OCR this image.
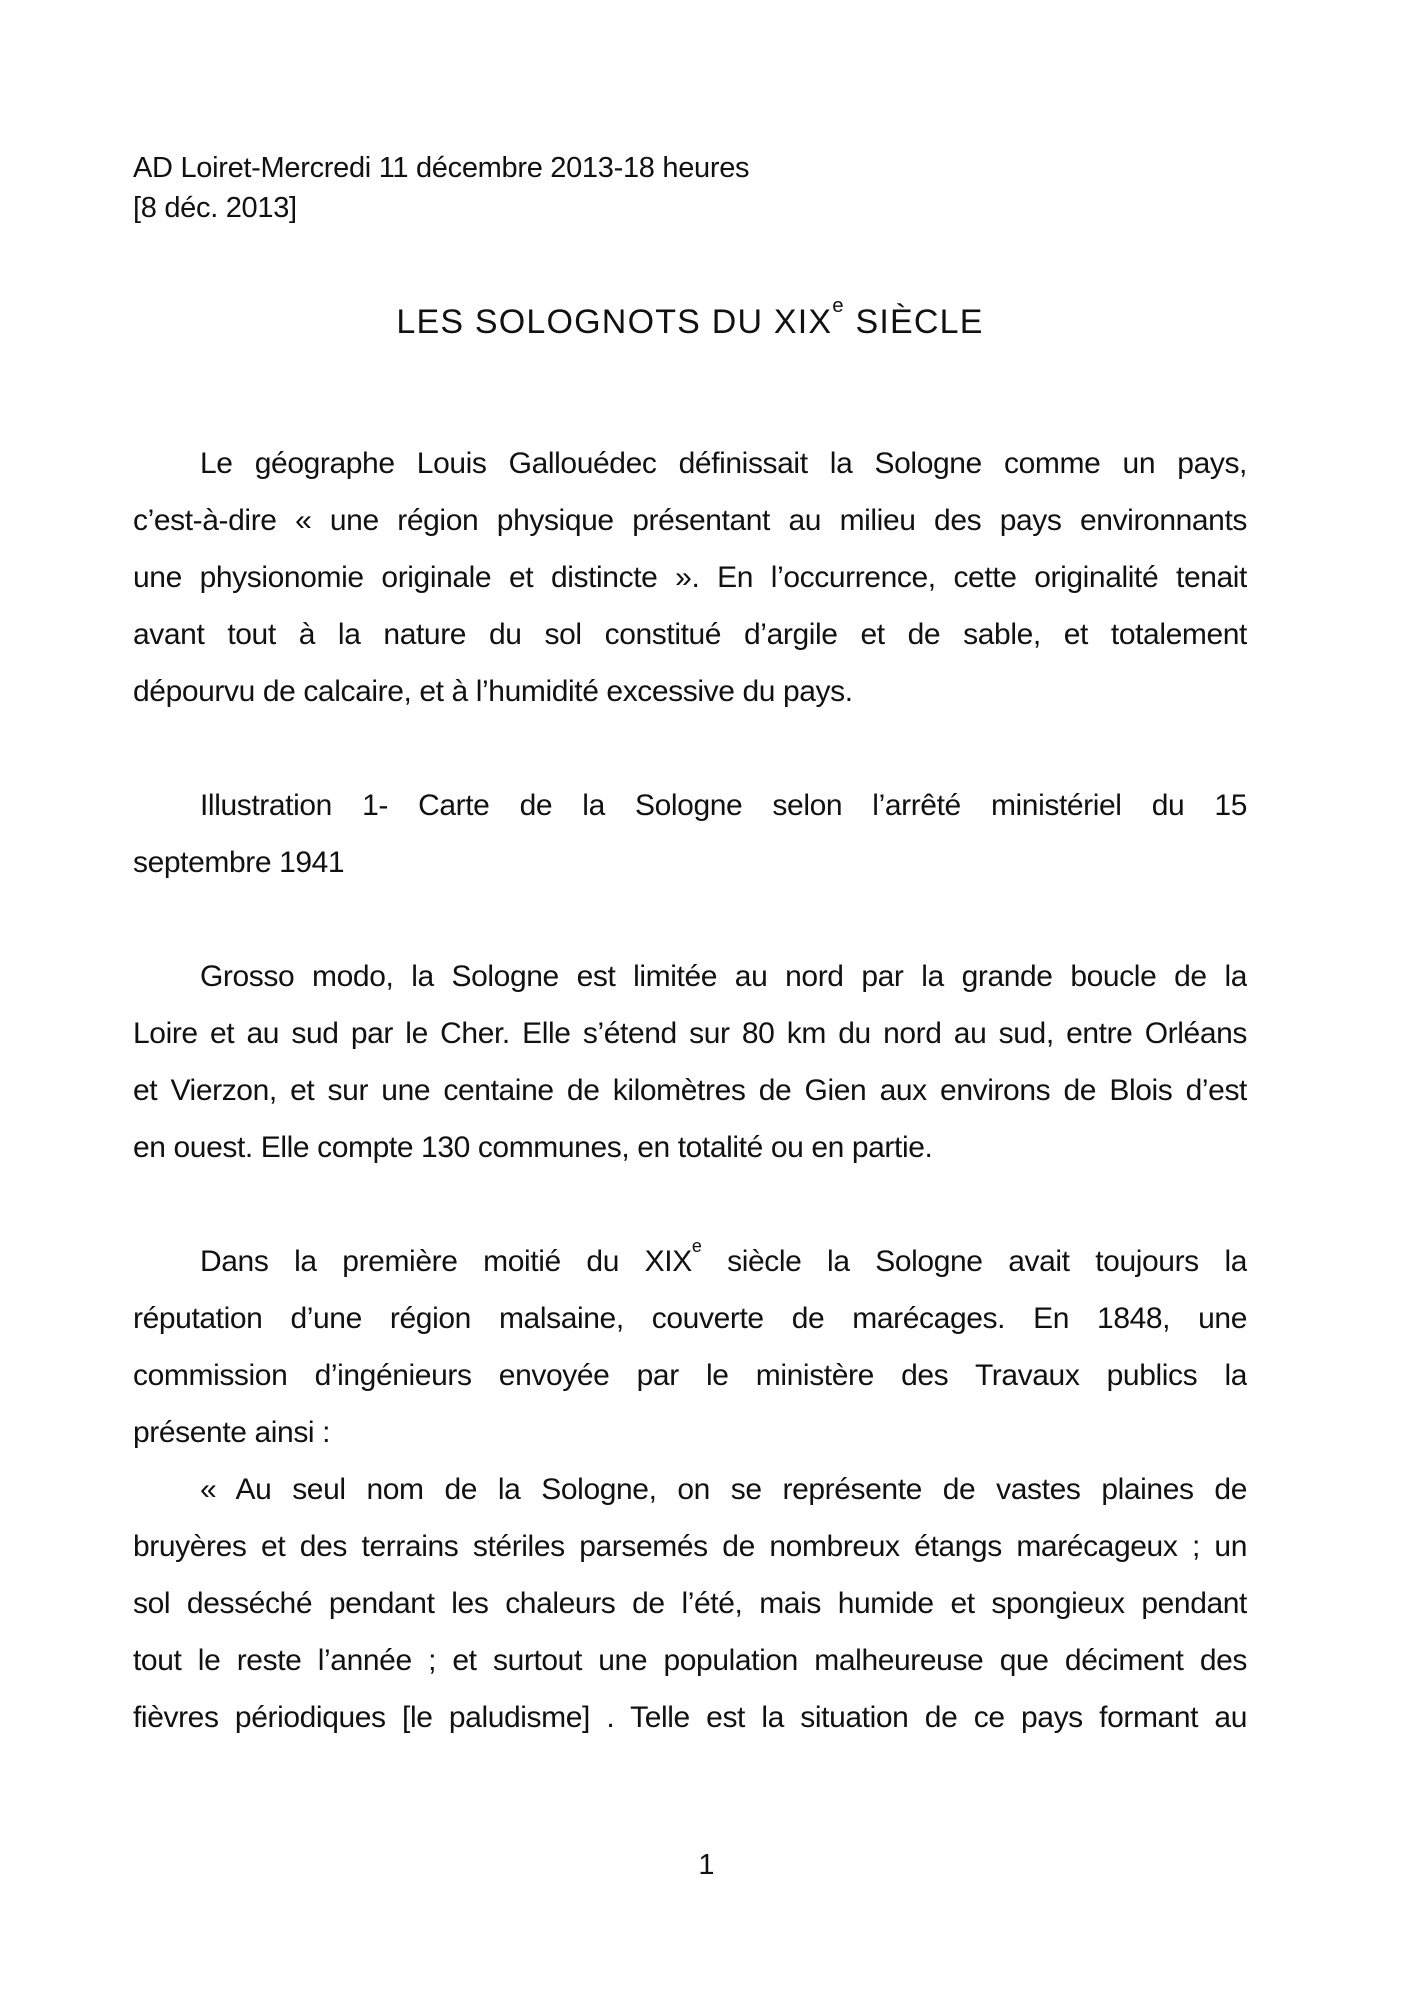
AD Loiret-Mercredi 11 décembre 2013-18 heures
[8 déc. 2013]
LES SOLOGNOTS DU XIXe SIÈCLE
Le géographe Louis Gallouédec définissait la Sologne comme un pays,
c’est-à-dire « une région physique présentant au milieu des pays environnants
une physionomie originale et distincte ». En l’occurrence, cette originalité tenait
avant tout à la nature du sol constitué d’argile et de sable, et totalement
dépourvu de calcaire, et à l’humidité excessive du pays.
Illustration 1- Carte de la Sologne selon l’arrêté ministériel du 15
septembre 1941
Grosso modo, la Sologne est limitée au nord par la grande boucle de la
Loire et au sud par le Cher. Elle s’étend sur 80 km du nord au sud, entre Orléans
et Vierzon, et sur une centaine de kilomètres de Gien aux environs de Blois d’est
en ouest. Elle compte 130 communes, en totalité ou en partie.
Dans la première moitié du XIXe siècle la Sologne avait toujours la
réputation d’une région malsaine, couverte de marécages. En 1848, une
commission d’ingénieurs envoyée par le ministère des Travaux publics la
présente ainsi :
« Au seul nom de la Sologne, on se représente de vastes plaines de
bruyères et des terrains stériles parsemés de nombreux étangs marécageux ; un
sol desséché pendant les chaleurs de l’été, mais humide et spongieux pendant
tout le reste l’année ; et surtout une population malheureuse que déciment des
fièvres périodiques [le paludisme] . Telle est la situation de ce pays formant au
1
